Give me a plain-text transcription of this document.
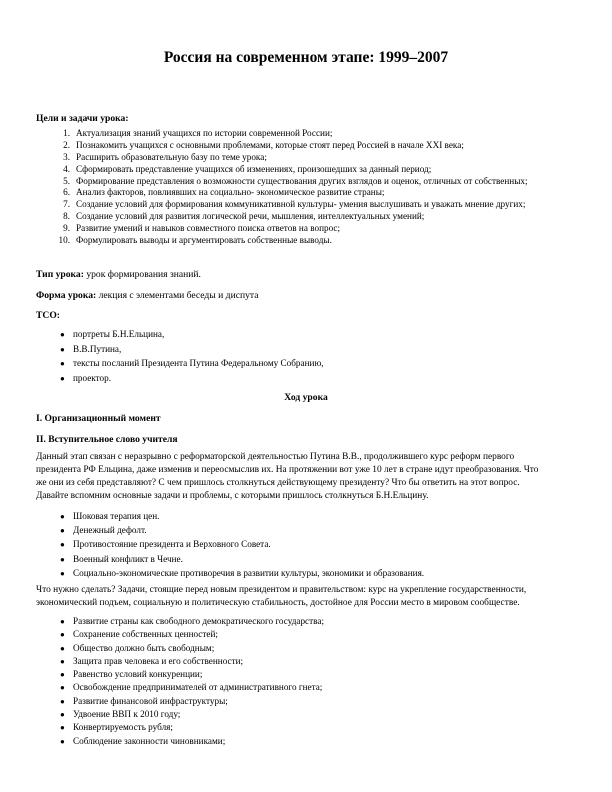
Россия на современном этапе: 1999–2007
Цели и задачи урока:
1. Актуализация знаний учащихся по истории современной России;
2. Познакомить учащихся с основными проблемами, которые стоят перед Россией в начале XXI века;
3. Расширить образовательную базу по теме урока;
4. Сформировать представление учащихся об изменениях, произошедших за данный период;
5. Формирование представления о возможности существования других взглядов и оценок, отличных от собственных;
6. Анализ факторов, повлиявших на социально- экономическое развитие страны;
7. Создание условий для формирования коммуникативной культуры- умения выслушивать и уважать мнение других;
8. Создание условий для развития логической речи, мышления, интеллектуальных умений;
9. Развитие умений и навыков совместного поиска ответов на вопрос;
10. Формулировать выводы и аргументировать собственные выводы.
Тип урока: урок формирования знаний.
Форма урока: лекция с элементами беседы и диспута
ТСО:
● портреты Б.Н.Ельцина,
● В.В.Путина,
● тексты посланий Президента Путина Федеральному Собранию,
● проектор.
Ход урока
I. Организационный момент
II. Вступительное слово учителя
Данный этап связан с неразрывно с реформаторской деятельностью Путина В.В., продолжившего курс реформ первого
президента РФ Ельцина, даже изменив и переосмыслив их. На протяжении вот уже 10 лет в стране идут преобразования. Что
же они из себя представляют? С чем пришлось столкнуться действующему президенту? Что бы ответить на этот вопрос.
Давайте вспомним основные задачи и проблемы, с которыми пришлось столкнуться Б.Н.Ельцину.
● Шоковая терапия цен.
● Денежный дефолт.
● Противостояние президента и Верховного Совета.
● Военный конфликт в Чечне.
● Социально-экономические противоречия в развитии культуры, экономики и образования.
Что нужно сделать? Задачи, стоящие перед новым президентом и правительством: курс на укрепление государственности,
экономический подъем, социальную и политическую стабильность, достойное для России место в мировом сообществе.
● Развитие страны как свободного демократического государства;
● Сохранение собственных ценностей;
● Общество должно быть свободным;
● Защита прав человека и его собственности;
● Равенство условий конкуренции;
● Освобождение предпринимателей от административного гнета;
● Развитие финансовой инфраструктуры;
● Удвоение ВВП к 2010 году;
● Конвертируемость рубля;
● Соблюдение законности чиновниками;
